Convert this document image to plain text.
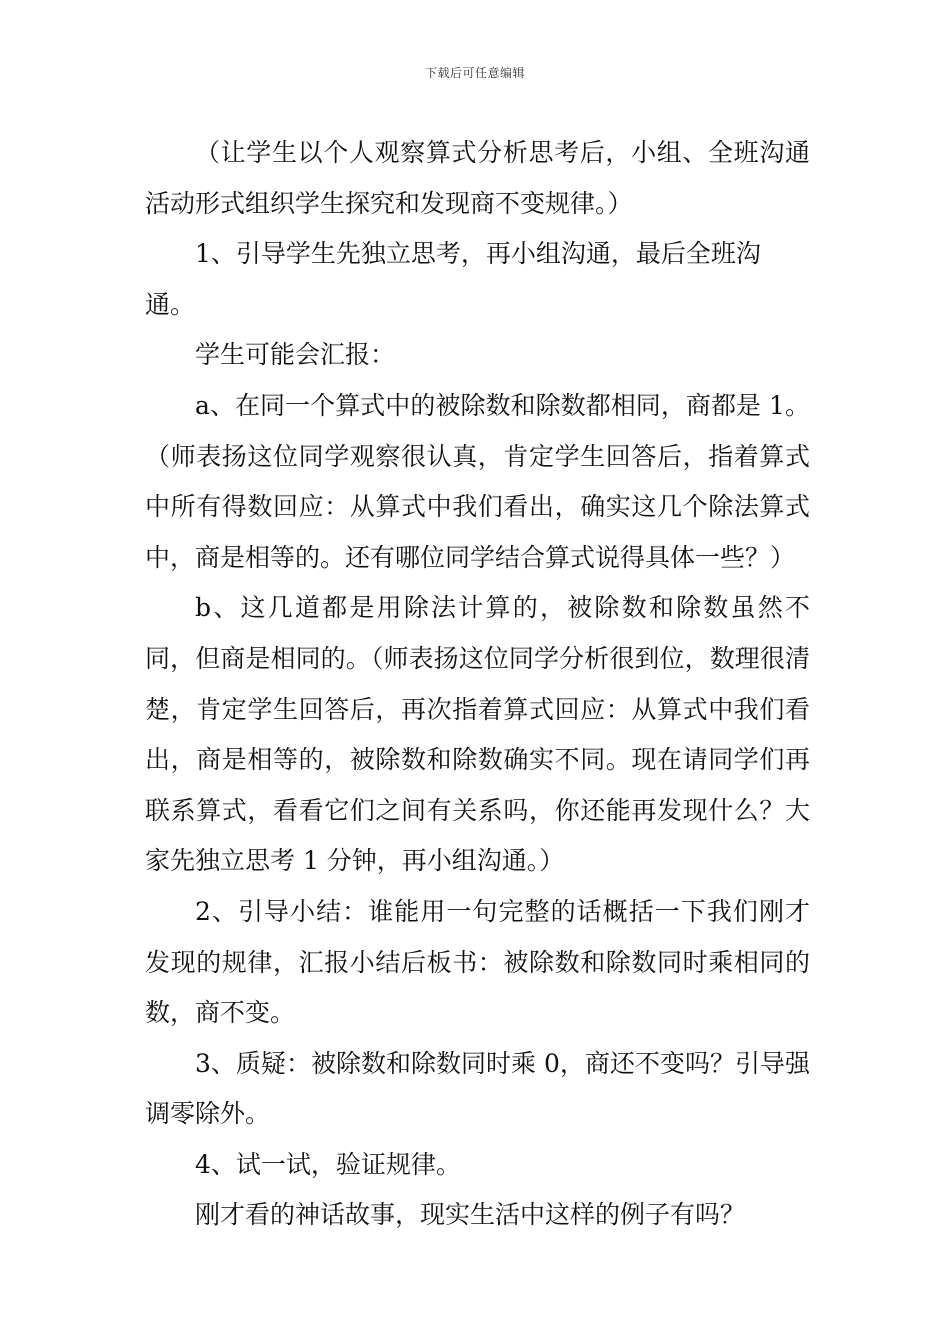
下载后可任意编辑

（让学生以个人观察算式分析思考后，小组、全班沟通活动形式组织学生探究和发现商不变规律。）

1、引导学生先独立思考，再小组沟通，最后全班沟通。

学生可能会汇报：

a、在同一个算式中的被除数和除数都相同，商都是 1。（师表扬这位同学观察很认真，肯定学生回答后，指着算式中所有得数回应：从算式中我们看出，确实这几个除法算式中，商是相等的。还有哪位同学结合算式说得具体一些？）

b、这几道都是用除法计算的，被除数和除数虽然不同，但商是相同的。（师表扬这位同学分析很到位，数理很清楚，肯定学生回答后，再次指着算式回应：从算式中我们看出，商是相等的，被除数和除数确实不同。现在请同学们再联系算式，看看它们之间有关系吗，你还能再发现什么？大家先独立思考 1 分钟，再小组沟通。）

2、引导小结：谁能用一句完整的话概括一下我们刚才发现的规律，汇报小结后板书：被除数和除数同时乘相同的数，商不变。

3、质疑：被除数和除数同时乘 0，商还不变吗？引导强调零除外。

4、试一试，验证规律。

刚才看的神话故事，现实生活中这样的例子有吗？
